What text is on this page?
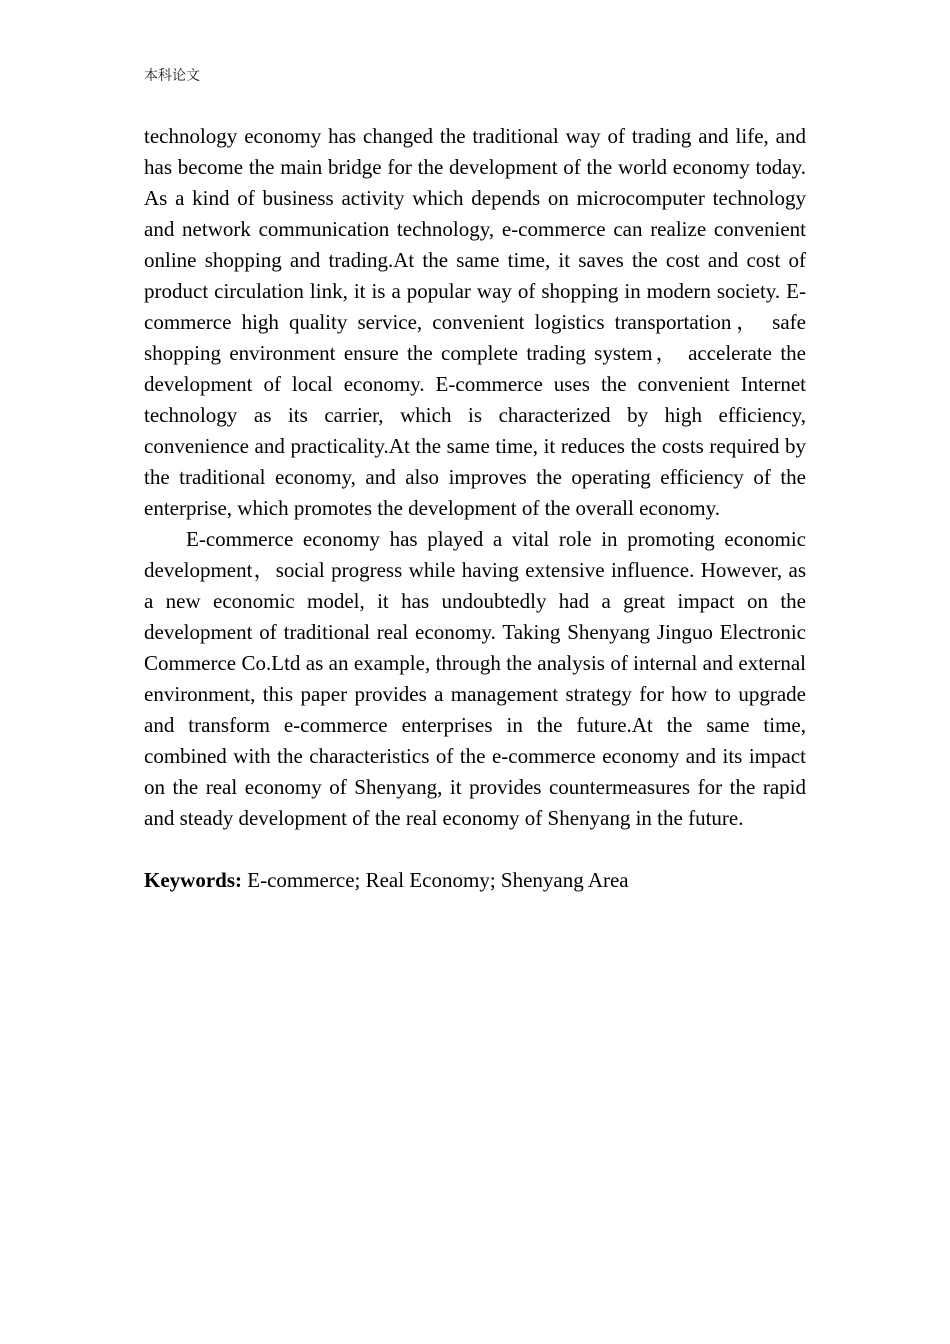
本科论文

technology economy has changed the traditional way of trading and life, and has become the main bridge for the development of the world economy today. As a kind of business activity which depends on microcomputer technology and network communication technology, e-commerce can realize convenient online shopping and trading.At the same time, it saves the cost and cost of product circulation link, it is a popular way of shopping in modern society. E-commerce high quality service, convenient logistics transportation， safe shopping environment ensure the complete trading system， accelerate the development of local economy. E-commerce uses the convenient Internet technology as its carrier, which is characterized by high efficiency, convenience and practicality.At the same time, it reduces the costs required by the traditional economy, and also improves the operating efficiency of the enterprise, which promotes the development of the overall economy.

E-commerce economy has played a vital role in promoting economic development，social progress while having extensive influence. However, as a new economic model, it has undoubtedly had a great impact on the development of traditional real economy. Taking Shenyang Jinguo Electronic Commerce Co.Ltd as an example, through the analysis of internal and external environment, this paper provides a management strategy for how to upgrade and transform e-commerce enterprises in the future.At the same time, combined with the characteristics of the e-commerce economy and its impact on the real economy of Shenyang, it provides countermeasures for the rapid and steady development of the real economy of Shenyang in the future.

Keywords: E-commerce; Real Economy; Shenyang Area
